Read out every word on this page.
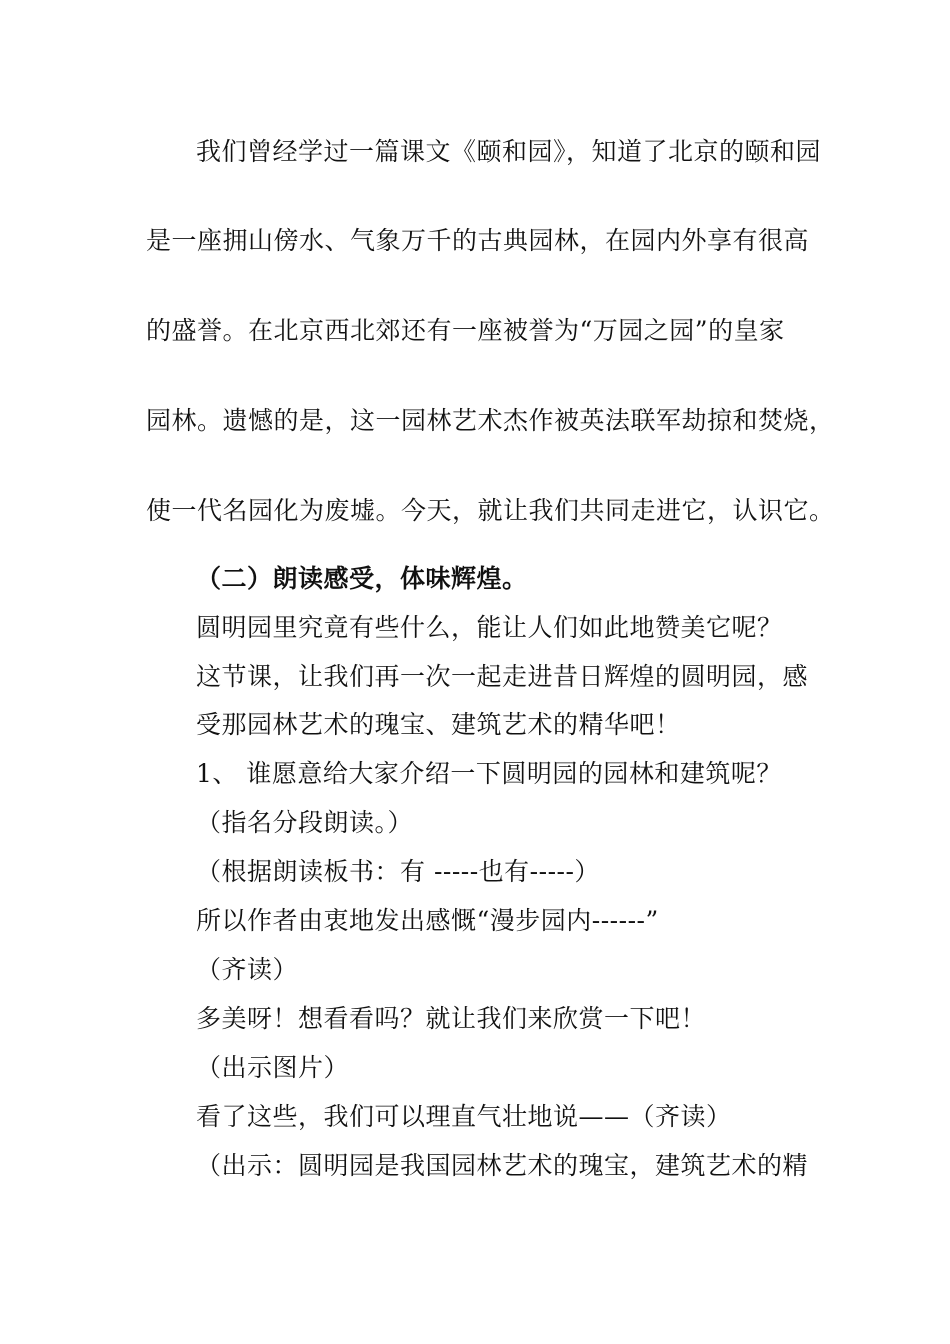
我们曾经学过一篇课文《颐和园》，知道了北京的颐和园

是一座拥山傍水、气象万千的古典园林，在园内外享有很高

的盛誉。在北京西北郊还有一座被誉为“万园之园”的皇家

园林。遗憾的是，这一园林艺术杰作被英法联军劫掠和焚烧，

使一代名园化为废墟。今天，就让我们共同走进它，认识它。

（二）朗读感受，体味辉煌。

圆明园里究竟有些什么，能让人们如此地赞美它呢？

这节课，让我们再一次一起走进昔日辉煌的圆明园，感

受那园林艺术的瑰宝、建筑艺术的精华吧！

1、 谁愿意给大家介绍一下圆明园的园林和建筑呢？

（指名分段朗读。）

（根据朗读板书：有 -----也有-----）

所以作者由衷地发出感慨“漫步园内------”

（齐读）

多美呀！想看看吗？就让我们来欣赏一下吧！

（出示图片）

看了这些，我们可以理直气壮地说——（齐读）

（出示：圆明园是我国园林艺术的瑰宝，建筑艺术的精
